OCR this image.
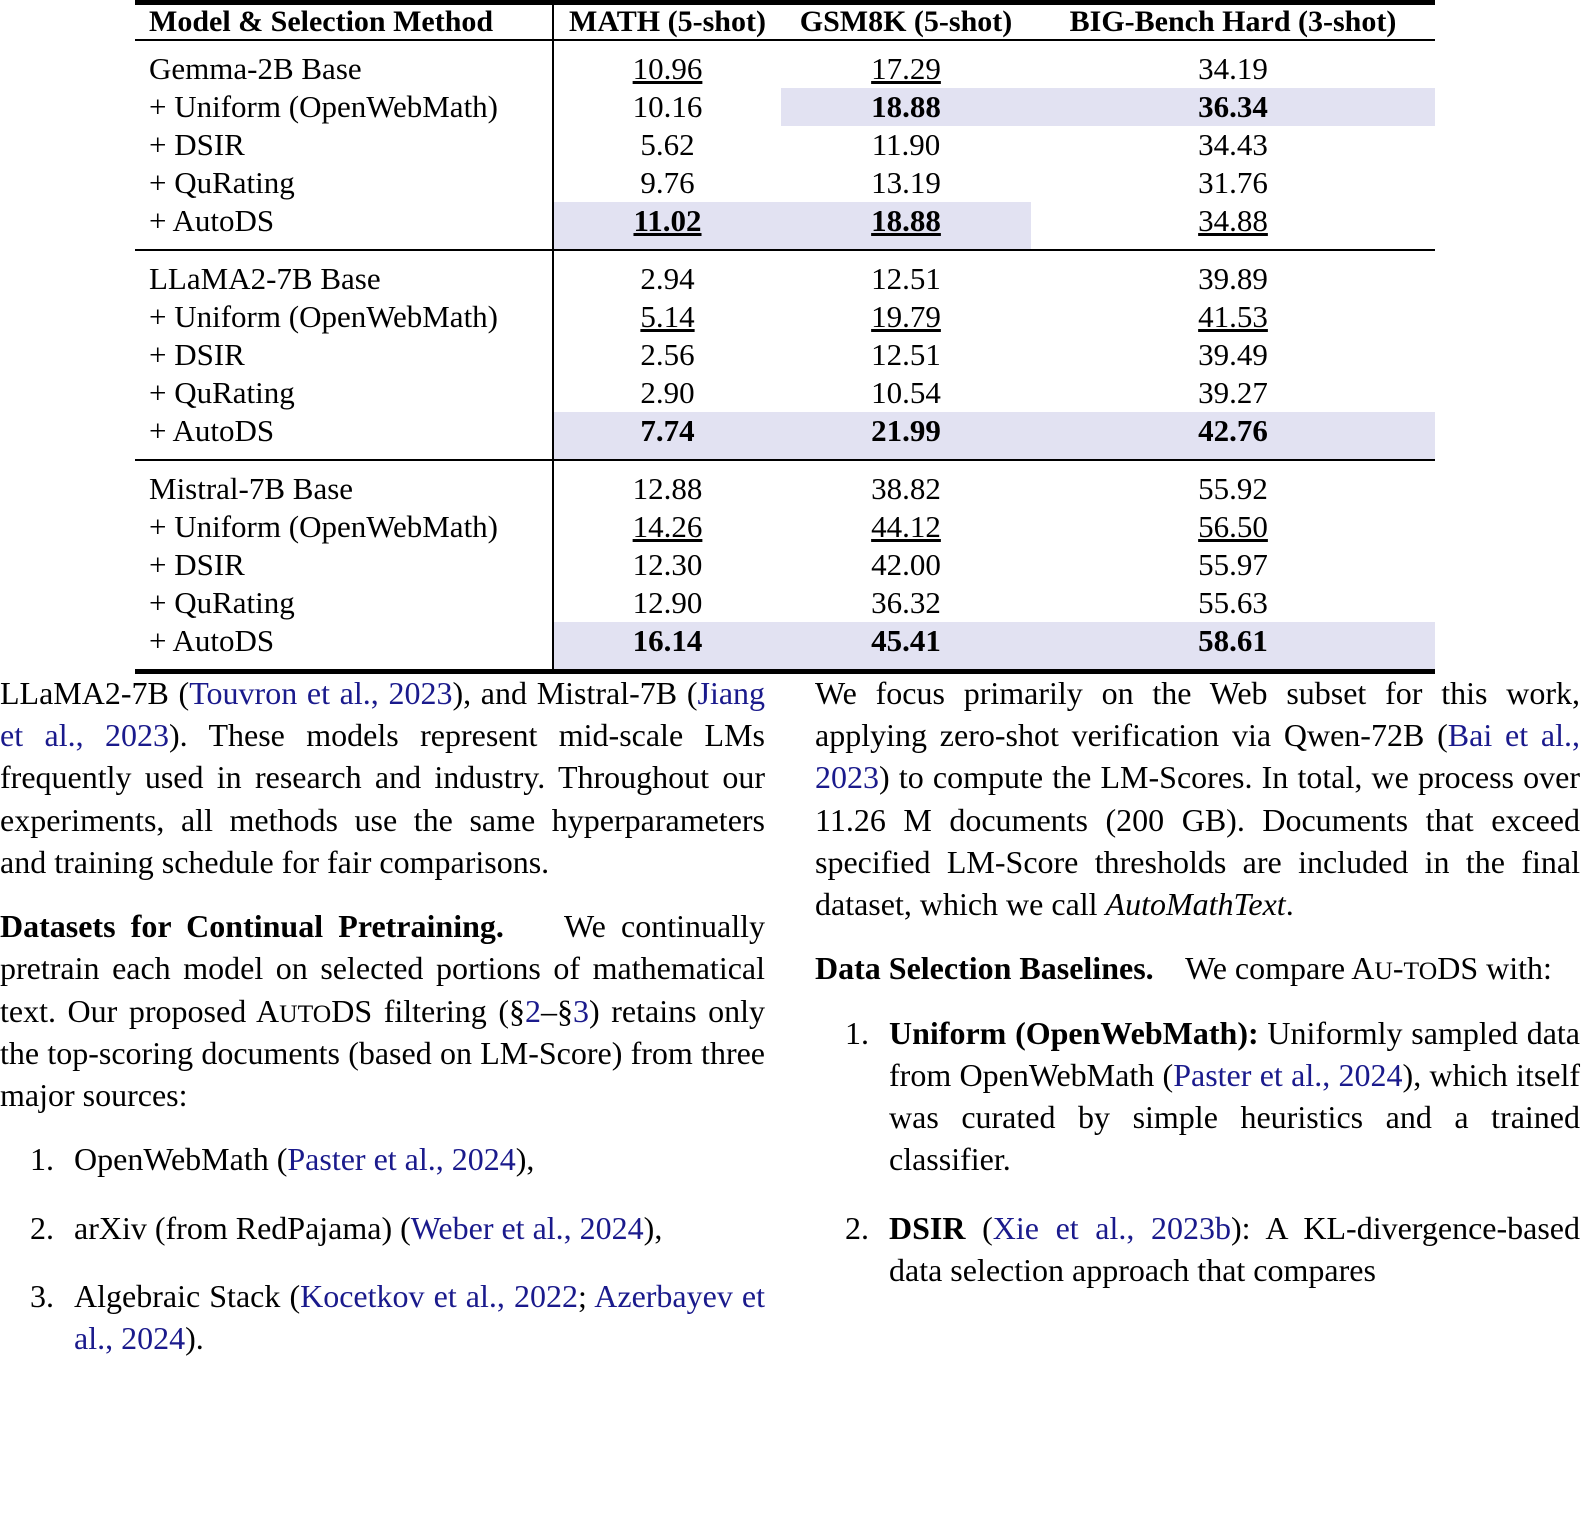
Model & Selection Method	MATH (5-shot)	GSM8K (5-shot)	BIG-Bench Hard (3-shot)

Gemma-2B Base	10.96	17.29	34.19
+ Uniform (OpenWebMath)	10.16	18.88	36.34
+ DSIR	5.62	11.90	34.43
+ QuRating	9.76	13.19	31.76
+ AutoDS	11.02	18.88	34.88

LLaMA2-7B Base	2.94	12.51	39.89
+ Uniform (OpenWebMath)	5.14	19.79	41.53
+ DSIR	2.56	12.51	39.49
+ QuRating	2.90	10.54	39.27
+ AutoDS	7.74	21.99	42.76

Mistral-7B Base	12.88	38.82	55.92
+ Uniform (OpenWebMath)	14.26	44.12	56.50
+ DSIR	12.30	42.00	55.97
+ QuRating	12.90	36.32	55.63
+ AutoDS	16.14	45.41	58.61

LLaMA2-7B (Touvron et al., 2023), and Mistral-7B (Jiang et al., 2023). These models represent mid-scale LMs frequently used in research and industry. Throughout our experiments, all methods use the same hyperparameters and training schedule for fair comparisons.

Datasets for Continual Pretraining. We continually pretrain each model on selected portions of mathematical text. Our proposed AUTODS filtering (§2–§3) retains only the top-scoring documents (based on LM-Score) from three major sources:

1. OpenWebMath (Paster et al., 2024),
2. arXiv (from RedPajama) (Weber et al., 2024),
3. Algebraic Stack (Kocetkov et al., 2022; Azerbayev et al., 2024).

We focus primarily on the Web subset for this work, applying zero-shot verification via Qwen-72B (Bai et al., 2023) to compute the LM-Scores. In total, we process over 11.26 M documents (200 GB). Documents that exceed specified LM-Score thresholds are included in the final dataset, which we call AutoMathText.

Data Selection Baselines. We compare AU-TODS with:

1. Uniform (OpenWebMath): Uniformly sampled data from OpenWebMath (Paster et al., 2024), which itself was curated by simple heuristics and a trained classifier.
2. DSIR (Xie et al., 2023b): A KL-divergence-based data selection approach that compares
